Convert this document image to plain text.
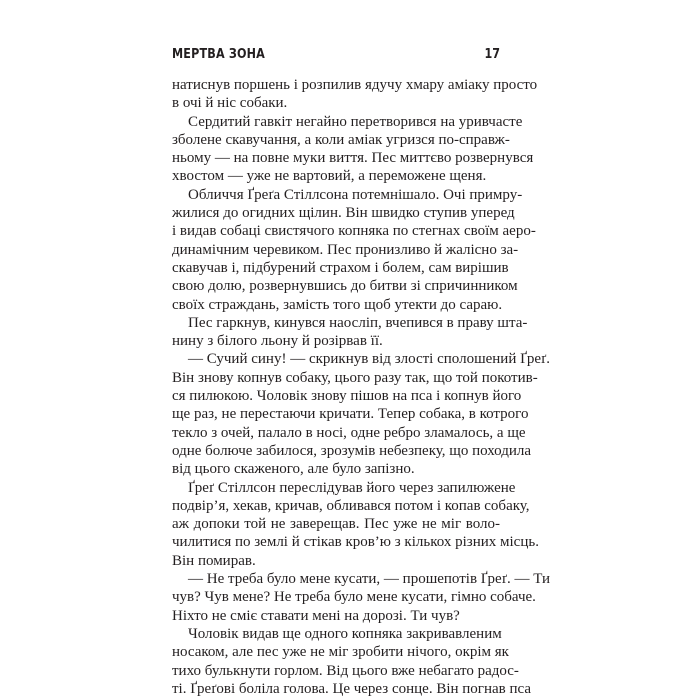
МЕРТВА ЗОНА	17
натиснув поршень і розпилив ядучу хмару аміаку просто
в очі й ніс собаки.
Сердитий гавкіт негайно перетворився на уривчасте
зболене скавучання, а коли аміак угризся по-справж-
ньому — на повне муки виття. Пес миттєво розвернувся
хвостом — уже не вартовий, а переможене щеня.
Обличчя Ґреґа Стіллсона потемнішало. Очі примру-
жилися до огидних щілин. Він швидко ступив уперед
і видав собаці свистячого копняка по стегнах своїм аеро-
динамічним черевиком. Пес пронизливо й жалісно за-
скавучав і, підбурений страхом і болем, сам вирішив
свою долю, розвернувшись до битви зі спричинником
своїх страждань, замість того щоб утекти до сараю.
Пес гаркнув, кинувся наосліп, вчепився в праву шта-
нину з білого льону й розірвав її.
— Сучий сину! — скрикнув від злості сполошений Ґреґ.
Він знову копнув собаку, цього разу так, що той покотив-
ся пилюкою. Чоловік знову пішов на пса і копнув його
ще раз, не перестаючи кричати. Тепер собака, в котрого
текло з очей, палало в носі, одне ребро зламалось, а ще
одне болюче забилося, зрозумів небезпеку, що походила
від цього скаженого, але було запізно.
Ґреґ Стіллсон переслідував його через запилюжене
подвір’я, хекав, кричав, обливався потом і копав собаку,
аж допоки той не заверещав. Пес уже не міг воло-
чилитися по землі й стікав кров’ю з кількох різних місць.
Він помирав.
— Не треба було мене кусати, — прошепотів Ґреґ. — Ти
чув? Чув мене? Не треба було мене кусати, гімно собаче.
Ніхто не сміє ставати мені на дорозі. Ти чув?
Чоловік видав ще одного копняка закривавленим
носаком, але пес уже не міг зробити нічого, окрім як
тихо булькнути горлом. Від цього вже небагато радос-
ті. Ґреґові боліла голова. Це через сонце. Він погнав пса
